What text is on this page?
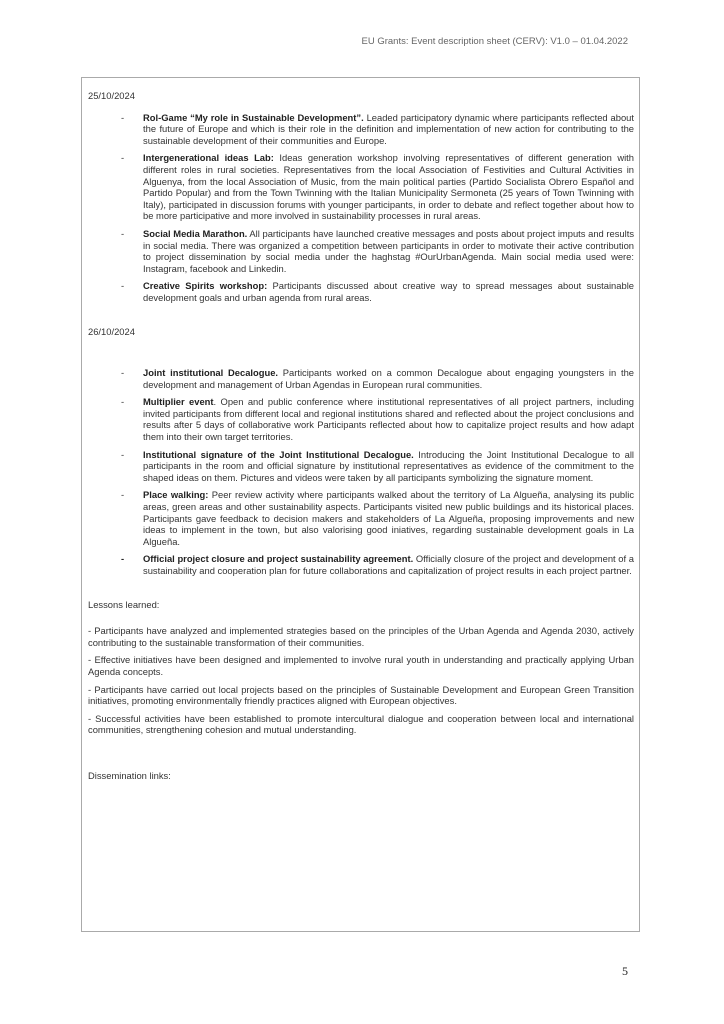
EU Grants: Event description sheet (CERV): V1.0 – 01.04.2022
25/10/2024
- Rol-Game “My role in Sustainable Development”. Leaded participatory dynamic where participants reflected about the future of Europe and which is their role in the definition and implementation of new action for contributing to the sustainable development of their communities and Europe.
- Intergenerational ideas Lab: Ideas generation workshop involving representatives of different generation with different roles in rural societies. Representatives from the local Association of Festivities and Cultural Activities in Alguenya, from the local Association of Music, from the main political parties (Partido Socialista Obrero Español and Partido Popular) and from the Town Twinning with the Italian Municipality Sermoneta (25 years of Town Twinning with Italy), participated in discussion forums with younger participants, in order to debate and reflect together about how to be more participative and more involved in sustainability processes in rural areas.
- Social Media Marathon. All participants have launched creative messages and posts about project imputs and results in social media. There was organized a competition between participants in order to motivate their active contribution to project dissemination by social media under the haghstag #OurUrbanAgenda. Main social media used were: Instagram, facebook and Linkedin.
- Creative Spirits workshop: Participants discussed about creative way to spread messages about sustainable development goals and urban agenda from rural areas.
26/10/2024
- Joint institutional Decalogue. Participants worked on a common Decalogue about engaging youngsters in the development and management of Urban Agendas in European rural communities.
- Multiplier event. Open and public conference where institutional representatives of all project partners, including invited participants from different local and regional institutions shared and reflected about the project conclusions and results after 5 days of collaborative work Participants reflected about how to capitalize project results and how adapt them into their own target territories.
- Institutional signature of the Joint Institutional Decalogue. Introducing the Joint Institutional Decalogue to all participants in the room and official signature by institutional representatives as evidence of the commitment to the shaped ideas on them. Pictures and videos were taken by all participants symbolizing the signature moment.
- Place walking: Peer review activity where participants walked about the territory of La Algueña, analysing its public areas, green areas and other sustainability aspects. Participants visited new public buildings and its historical places. Participants gave feedback to decision makers and stakeholders of La Algueña, proposing improvements and new ideas to implement in the town, but also valorising good iniatives, regarding sustainable development goals in La Algueña.
- Official project closure and project sustainability agreement. Officially closure of the project and development of a sustainability and cooperation plan for future collaborations and capitalization of project results in each project partner.
Lessons learned:
- Participants have analyzed and implemented strategies based on the principles of the Urban Agenda and Agenda 2030, actively contributing to the sustainable transformation of their communities.
- Effective initiatives have been designed and implemented to involve rural youth in understanding and practically applying Urban Agenda concepts.
- Participants have carried out local projects based on the principles of Sustainable Development and European Green Transition initiatives, promoting environmentally friendly practices aligned with European objectives.
- Successful activities have been established to promote intercultural dialogue and cooperation between local and international communities, strengthening cohesion and mutual understanding.
Dissemination links:
5
